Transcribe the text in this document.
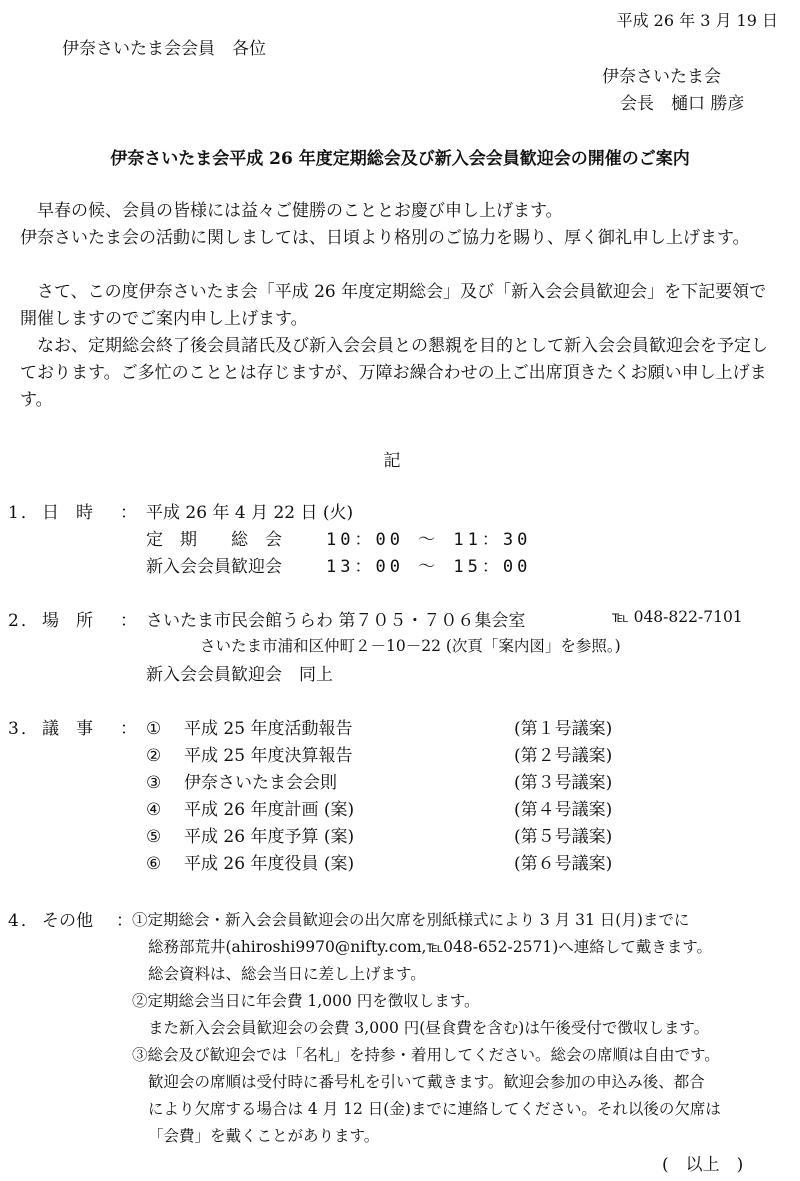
平成 26 年 3 月 19 日
伊奈さいたま会会員　各位
伊奈さいたま会
会長　樋口 勝彦
伊奈さいたま会平成 26 年度定期総会及び新入会会員歓迎会の開催のご案内
早春の候、会員の皆様には益々ご健勝のこととお慶び申し上げます。
伊奈さいたま会の活動に関しましては、日頃より格別のご協力を賜り、厚く御礼申し上げます。
さて、この度伊奈さいたま会「平成 26 年度定期総会」及び「新入会会員歓迎会」を下記要領で開催しますのでご案内申し上げます。
なお、定期総会終了後会員諸氏及び新入会会員との懇親を目的として新入会会員歓迎会を予定しております。ご多忙のこととは存じますが、万障お繰合わせの上ご出席頂きたくお願い申し上げます。
記
1． 日　時 ： 平成 26 年 4 月 22 日 (火)
定　期　　総　会	10：00 ～ 11：30
新入会会員歓迎会	13：00 ～ 15：00
2． 場　所 ： さいたま市民会館うらわ 第７０５・７０６集会室	℡ 048-822-7101
さいたま市浦和区仲町２－10－22 (次頁「案内図」を参照。)
新入会会員歓迎会　同上
3． 議　事 ： ① 平成 25 年度活動報告	(第１号議案)
② 平成 25 年度決算報告	(第２号議案)
③ 伊奈さいたま会会則	(第３号議案)
④ 平成 26 年度計画 (案)	(第４号議案)
⑤ 平成 26 年度予算 (案)	(第５号議案)
⑥ 平成 26 年度役員 (案)	(第６号議案)
4． その他 ： ①定期総会・新入会会員歓迎会の出欠席を別紙様式により 3 月 31 日(月)までに
総務部荒井(ahiroshi9970@nifty.com,℡048-652-2571)へ連絡して戴きます。
総会資料は、総会当日に差し上げます。
②定期総会当日に年会費 1,000 円を徴収します。
また新入会会員歓迎会の会費 3,000 円(昼食費を含む)は午後受付で徴収します。
③総会及び歓迎会では「名札」を持参・着用してください。総会の席順は自由です。
歓迎会の席順は受付時に番号札を引いて戴きます。歓迎会参加の申込み後、都合
により欠席する場合は 4 月 12 日(金)までに連絡してください。それ以後の欠席は
「会費」を戴くことがあります。
(　以上　)
